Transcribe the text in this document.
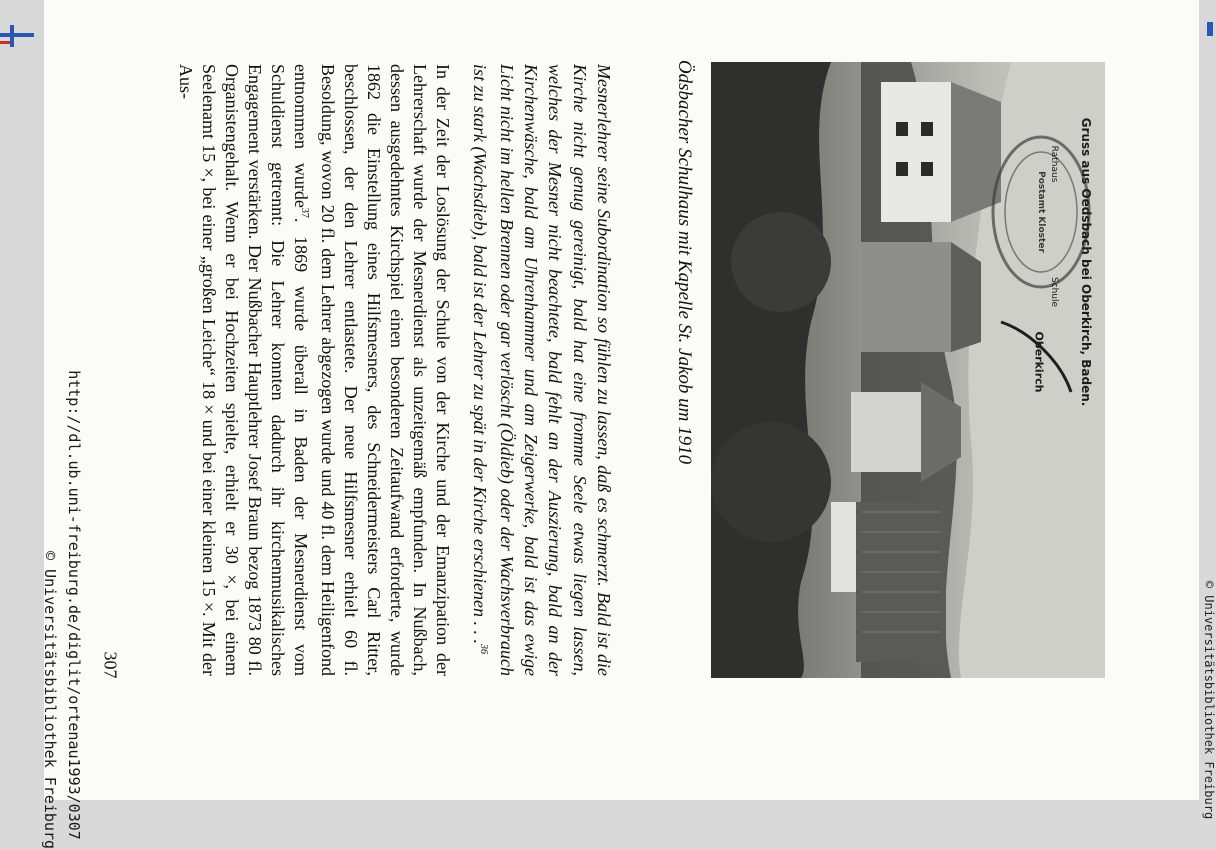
© Universitätsbibliothek Freiburg
http://dl.ub.uni-freiburg.de/diglit/ortenau1993/0307
© Universitätsbibliothek Freiburg 307
Gruss aus Oedsbach bei Oberkirch, Baden.
Rathaus
Schule
Postamt Kloster
Oberkirch
Ödsbacher Schulhaus mit Kapelle St. Jakob um 1910
Mesnerlehrer seine Subordination so fühlen zu lassen, daß es schmerzt. Bald ist die Kirche nicht genug gereinigt, bald hat eine fromme Seele etwas liegen lassen, welches der Mesner nicht beachtete, bald fehlt an der Auszierung, bald an der Kirchenwäsche, bald am Uhrenhammer und am Zeigerwerke, bald ist das ewige Licht nicht im hellen Brennen oder gar verlöscht (Öldieb) oder der Wachsverbrauch ist zu stark (Wachsdieb), bald ist der Lehrer zu spät in der Kirche erschienen . . .$^{36}$
In der Zeit der Loslösung der Schule von der Kirche und der Emanzipation der Lehrerschaft wurde der Mesnerdienst als unzeitgemäß empfunden. In Nußbach, dessen ausgedehntes Kirchspiel einen besonderen Zeitaufwand erforderte, wurde 1862 die Einstellung eines Hilfsmesners, des Schneidermeisters Carl Ritter, beschlossen, der den Lehrer entlastete. Der neue Hilfsmesner erhielt 60 fl. Besoldung, wovon 20 fl. dem Lehrer abgezogen wurde und 40 fl. dem Heiligenfond entnommen wurde$^{37}$. 1869 wurde überall in Baden der Mesnerdienst vom Schuldienst getrennt: Die Lehrer konnten dadurch ihr kirchenmusikalisches Engagement verstärken. Der Nußbacher Hauptlehrer Josef Braun bezog 1873 80 fl. Organistengehalt. Wenn er bei Hochzeiten spielte, erhielt er 30 ×, bei einem Seelenamt 15 ×, bei einer „großen Leiche“ 18 × und bei einer kleinen 15 ×. Mit der Aus-
